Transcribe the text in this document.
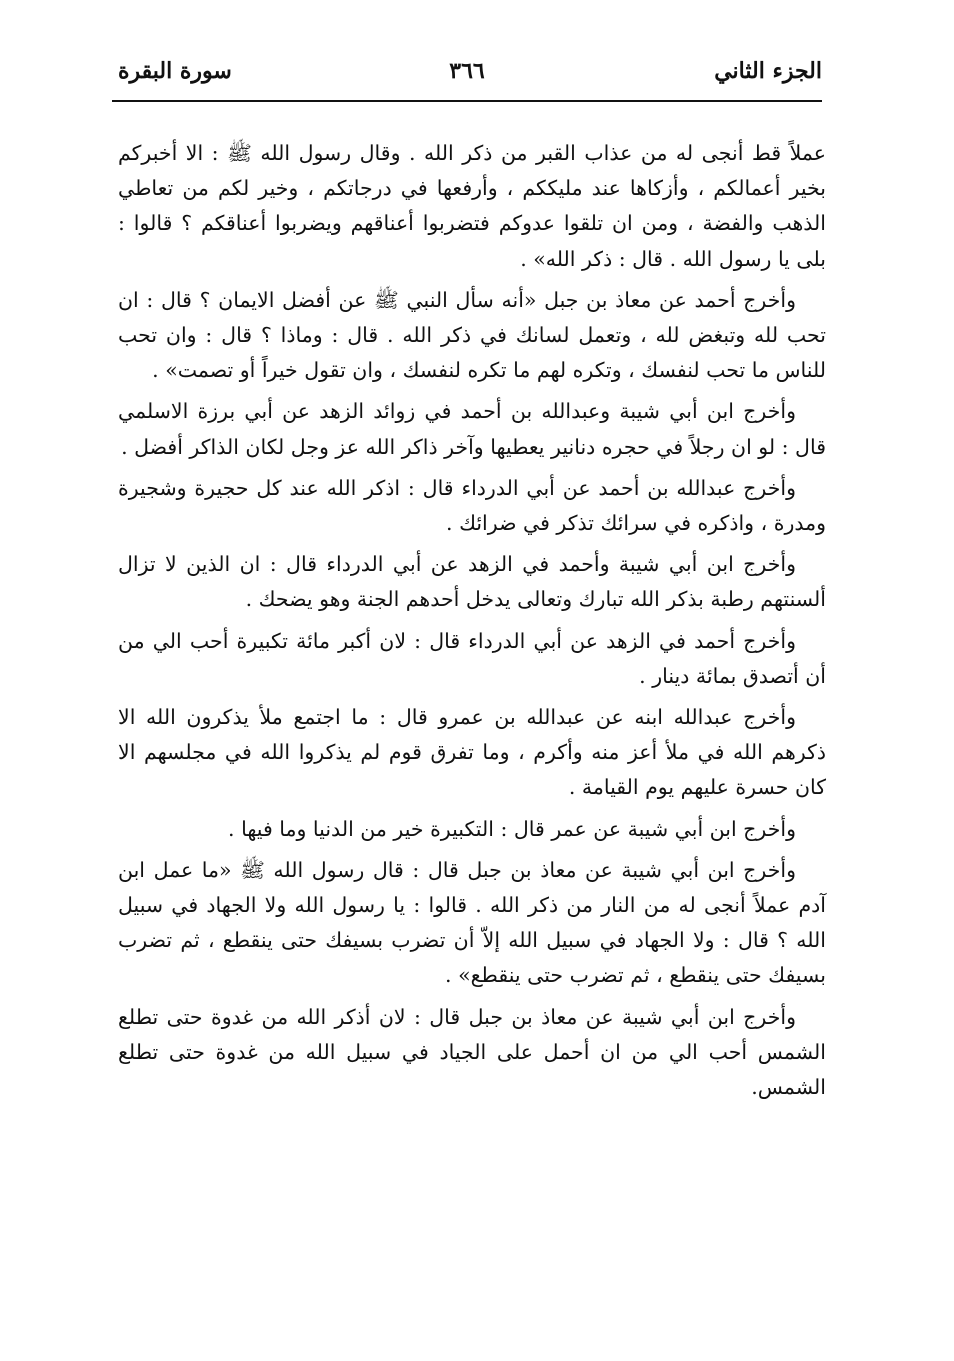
الجزء الثاني
٣٦٦
سورة البقرة

عملاً قط أنجى له من عذاب القبر من ذكر الله . وقال رسول الله ﷺ : الا أخبركم بخير أعمالكم ، وأزكاها عند مليككم ، وأرفعها في درجاتكم ، وخير لكم من تعاطي الذهب والفضة ، ومن ان تلقوا عدوكم فتضربوا أعناقهم ويضربوا أعناقكم ؟ قالوا : بلى يا رسول الله . قال : ذكر الله» .

وأخرج أحمد عن معاذ بن جبل «أنه سأل النبي ﷺ عن أفضل الايمان ؟ قال : ان تحب لله وتبغض لله ، وتعمل لسانك في ذكر الله . قال : وماذا ؟ قال : وان تحب للناس ما تحب لنفسك ، وتكره لهم ما تكره لنفسك ، وان تقول خيراً أو تصمت» .

وأخرج ابن أبي شيبة وعبدالله بن أحمد في زوائد الزهد عن أبي برزة الاسلمي قال : لو ان رجلاً في حجره دنانير يعطيها وآخر ذاكر الله عز وجل لكان الذاكر أفضل .

وأخرج عبدالله بن أحمد عن أبي الدرداء قال : اذكر الله عند كل حجيرة وشجيرة ومدرة ، واذكره في سرائك تذكر في ضرائك .

وأخرج ابن أبي شيبة وأحمد في الزهد عن أبي الدرداء قال : ان الذين لا تزال ألسنتهم رطبة بذكر الله تبارك وتعالى يدخل أحدهم الجنة وهو يضحك .

وأخرج أحمد في الزهد عن أبي الدرداء قال : لان أكبر مائة تكبيرة أحب الي من أن أتصدق بمائة دينار .

وأخرج عبدالله ابنه عن عبدالله بن عمرو قال : ما اجتمع ملأ يذكرون الله الا ذكرهم الله في ملأ أعز منه وأكرم ، وما تفرق قوم لم يذكروا الله في مجلسهم الا كان حسرة عليهم يوم القيامة .

وأخرج ابن أبي شيبة عن عمر قال : التكبيرة خير من الدنيا وما فيها .

وأخرج ابن أبي شيبة عن معاذ بن جبل قال : قال رسول الله ﷺ «ما عمل ابن آدم عملاً أنجى له من النار من ذكر الله . قالوا : يا رسول الله ولا الجهاد في سبيل الله ؟ قال : ولا الجهاد في سبيل الله إلاّ أن تضرب بسيفك حتى ينقطع ، ثم تضرب بسيفك حتى ينقطع ، ثم تضرب حتى ينقطع» .

وأخرج ابن أبي شيبة عن معاذ بن جبل قال : لان أذكر الله من غدوة حتى تطلع الشمس أحب الي من ان أحمل على الجياد في سبيل الله من غدوة حتى تطلع الشمس.
